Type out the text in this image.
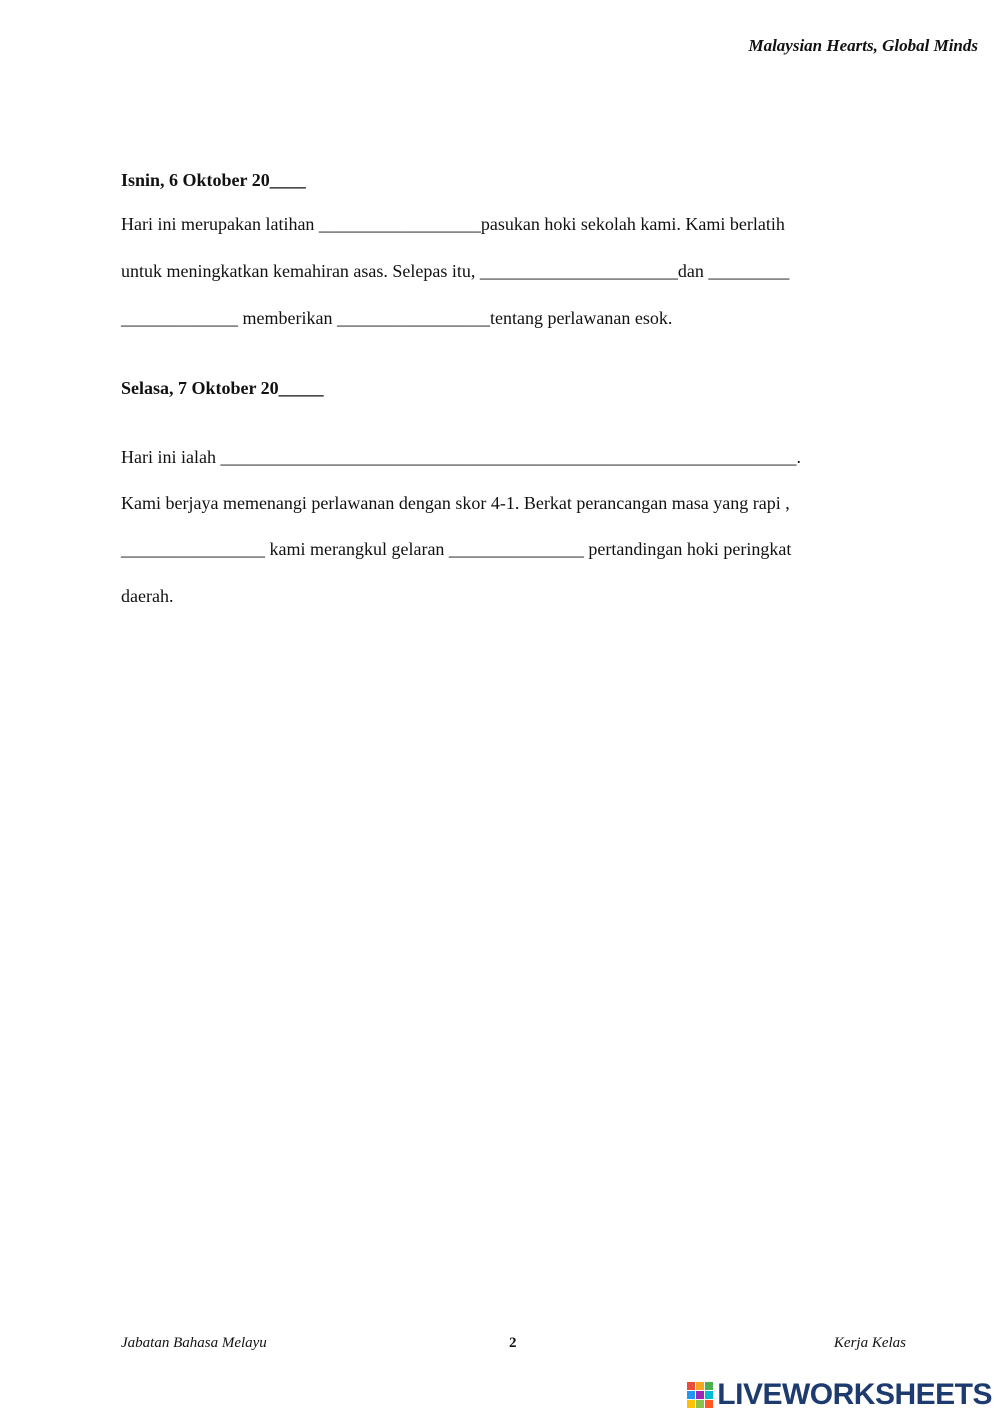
Malaysian Hearts, Global Minds
Isnin, 6 Oktober 20____
Hari ini merupakan latihan __________________pasukan hoki sekolah kami. Kami berlatih
untuk meningkatkan kemahiran asas. Selepas itu, ______________________dan _________
_____________ memberikan _________________tentang perlawanan esok.
Selasa, 7 Oktober 20_____
Hari ini ialah ________________________________________________________________.
Kami berjaya memenangi perlawanan dengan skor 4-1. Berkat perancangan masa yang rapi ,
________________ kami merangkul gelaran _______________ pertandingan hoki peringkat
daerah.
Jabatan Bahasa Melayu	2	Kerja Kelas
LIVEWORKSHEETS
